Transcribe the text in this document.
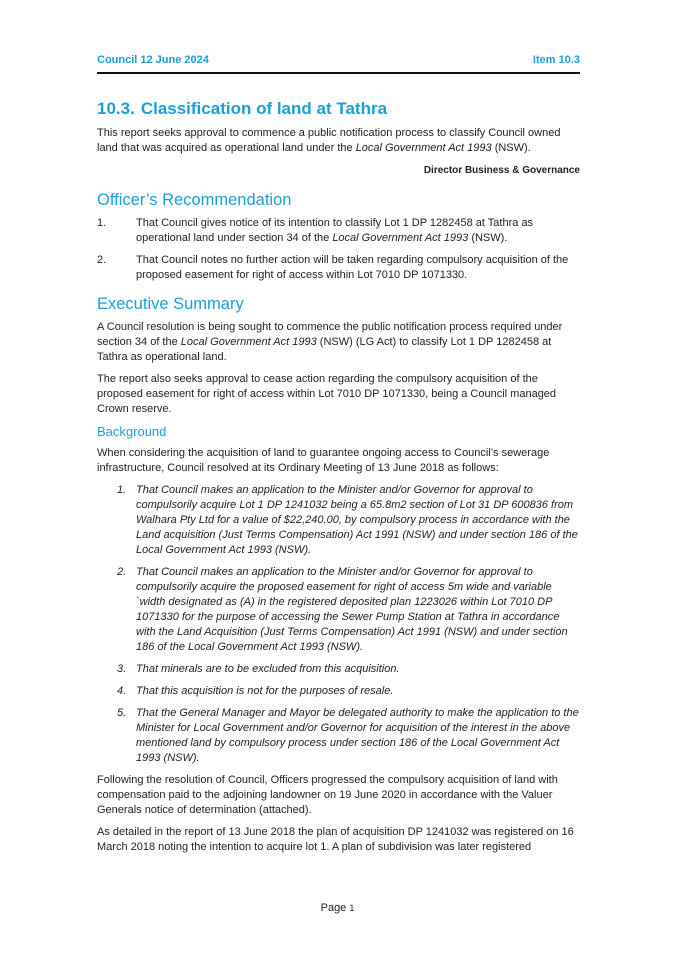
Council 12 June 2024	Item 10.3
10.3. Classification of land at Tathra

This report seeks approval to commence a public notification process to classify Council owned land that was acquired as operational land under the Local Government Act 1993 (NSW).

Director Business & Governance

Officer’s Recommendation
1.	That Council gives notice of its intention to classify Lot 1 DP 1282458 at Tathra as operational land under section 34 of the Local Government Act 1993 (NSW).
2.	That Council notes no further action will be taken regarding compulsory acquisition of the proposed easement for right of access within Lot 7010 DP 1071330.
Executive Summary

A Council resolution is being sought to commence the public notification process required under section 34 of the Local Government Act 1993 (NSW) (LG Act) to classify Lot 1 DP 1282458 at Tathra as operational land.

The report also seeks approval to cease action regarding the compulsory acquisition of the proposed easement for right of access within Lot 7010 DP 1071330, being a Council managed Crown reserve.

Background

When considering the acquisition of land to guarantee ongoing access to Council’s sewerage infrastructure, Council resolved at its Ordinary Meeting of 13 June 2018 as follows:

1. That Council makes an application to the Minister and/or Governor for approval to compulsorily acquire Lot 1 DP 1241032 being a 65.8m2 section of Lot 31 DP 600836 from Walhara Pty Ltd for a value of $22,240.00, by compulsory process in accordance with the Land acquisition (Just Terms Compensation) Act 1991 (NSW) and under section 186 of the Local Government Act 1993 (NSW).
2. That Council makes an application to the Minister and/or Governor for approval to compulsorily acquire the proposed easement for right of access 5m wide and variable `width designated as (A) in the registered deposited plan 1223026 within Lot 7010 DP 1071330 for the purpose of accessing the Sewer Pump Station at Tathra in accordance with the Land Acquisition (Just Terms Compensation) Act 1991 (NSW) and under section 186 of the Local Government Act 1993 (NSW).
3. That minerals are to be excluded from this acquisition.
4. That this acquisition is not for the purposes of resale.
5. That the General Manager and Mayor be delegated authority to make the application to the Minister for Local Government and/or Governor for acquisition of the interest in the above mentioned land by compulsory process under section 186 of the Local Government Act 1993 (NSW).

Following the resolution of Council, Officers progressed the compulsory acquisition of land with compensation paid to the adjoining landowner on 19 June 2020 in accordance with the Valuer Generals notice of determination (attached).

As detailed in the report of 13 June 2018 the plan of acquisition DP 1241032 was registered on 16 March 2018 noting the intention to acquire lot 1. A plan of subdivision was later registered

Page 1
